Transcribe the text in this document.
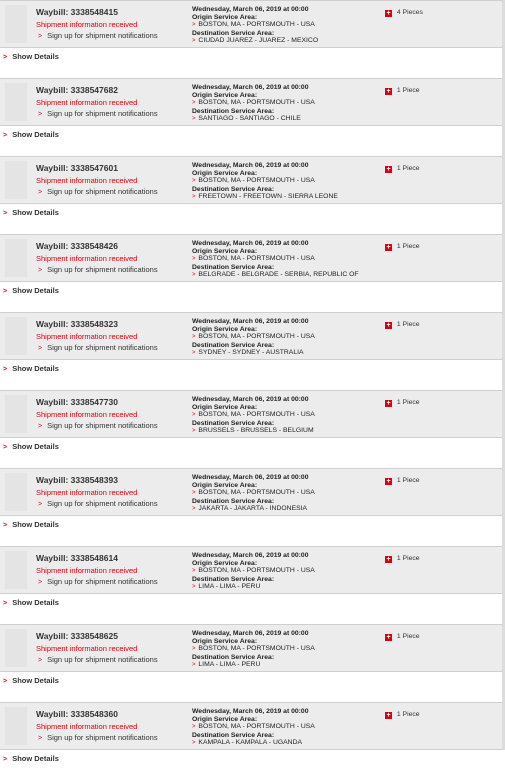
Waybill: 3338548415
Shipment information received
> Sign up for shipment notifications
Wednesday, March 06, 2019 at 00:00
Origin Service Area:
> BOSTON, MA - PORTSMOUTH - USA
Destination Service Area:
> CIUDAD JUAREZ - JUAREZ - MEXICO
+ 4 Pieces
> Show Details
Waybill: 3338547682
Shipment information received
> Sign up for shipment notifications
Wednesday, March 06, 2019 at 00:00
Origin Service Area:
> BOSTON, MA - PORTSMOUTH - USA
Destination Service Area:
> SANTIAGO - SANTIAGO - CHILE
+ 1 Piece
> Show Details
Waybill: 3338547601
Shipment information received
> Sign up for shipment notifications
Wednesday, March 06, 2019 at 00:00
Origin Service Area:
> BOSTON, MA - PORTSMOUTH - USA
Destination Service Area:
> FREETOWN - FREETOWN - SIERRA LEONE
+ 1 Piece
> Show Details
Waybill: 3338548426
Shipment information received
> Sign up for shipment notifications
Wednesday, March 06, 2019 at 00:00
Origin Service Area:
> BOSTON, MA - PORTSMOUTH - USA
Destination Service Area:
> BELGRADE - BELGRADE - SERBIA, REPUBLIC OF
+ 1 Piece
> Show Details
Waybill: 3338548323
Shipment information received
> Sign up for shipment notifications
Wednesday, March 06, 2019 at 00:00
Origin Service Area:
> BOSTON, MA - PORTSMOUTH - USA
Destination Service Area:
> SYDNEY - SYDNEY - AUSTRALIA
+ 1 Piece
> Show Details
Waybill: 3338547730
Shipment information received
> Sign up for shipment notifications
Wednesday, March 06, 2019 at 00:00
Origin Service Area:
> BOSTON, MA - PORTSMOUTH - USA
Destination Service Area:
> BRUSSELS - BRUSSELS - BELGIUM
+ 1 Piece
> Show Details
Waybill: 3338548393
Shipment information received
> Sign up for shipment notifications
Wednesday, March 06, 2019 at 00:00
Origin Service Area:
> BOSTON, MA - PORTSMOUTH - USA
Destination Service Area:
> JAKARTA - JAKARTA - INDONESIA
+ 1 Piece
> Show Details
Waybill: 3338548614
Shipment information received
> Sign up for shipment notifications
Wednesday, March 06, 2019 at 00:00
Origin Service Area:
> BOSTON, MA - PORTSMOUTH - USA
Destination Service Area:
> LIMA - LIMA - PERU
+ 1 Piece
> Show Details
Waybill: 3338548625
Shipment information received
> Sign up for shipment notifications
Wednesday, March 06, 2019 at 00:00
Origin Service Area:
> BOSTON, MA - PORTSMOUTH - USA
Destination Service Area:
> LIMA - LIMA - PERU
+ 1 Piece
> Show Details
Waybill: 3338548360
Shipment information received
> Sign up for shipment notifications
Wednesday, March 06, 2019 at 00:00
Origin Service Area:
> BOSTON, MA - PORTSMOUTH - USA
Destination Service Area:
> KAMPALA - KAMPALA - UGANDA
+ 1 Piece
> Show Details
